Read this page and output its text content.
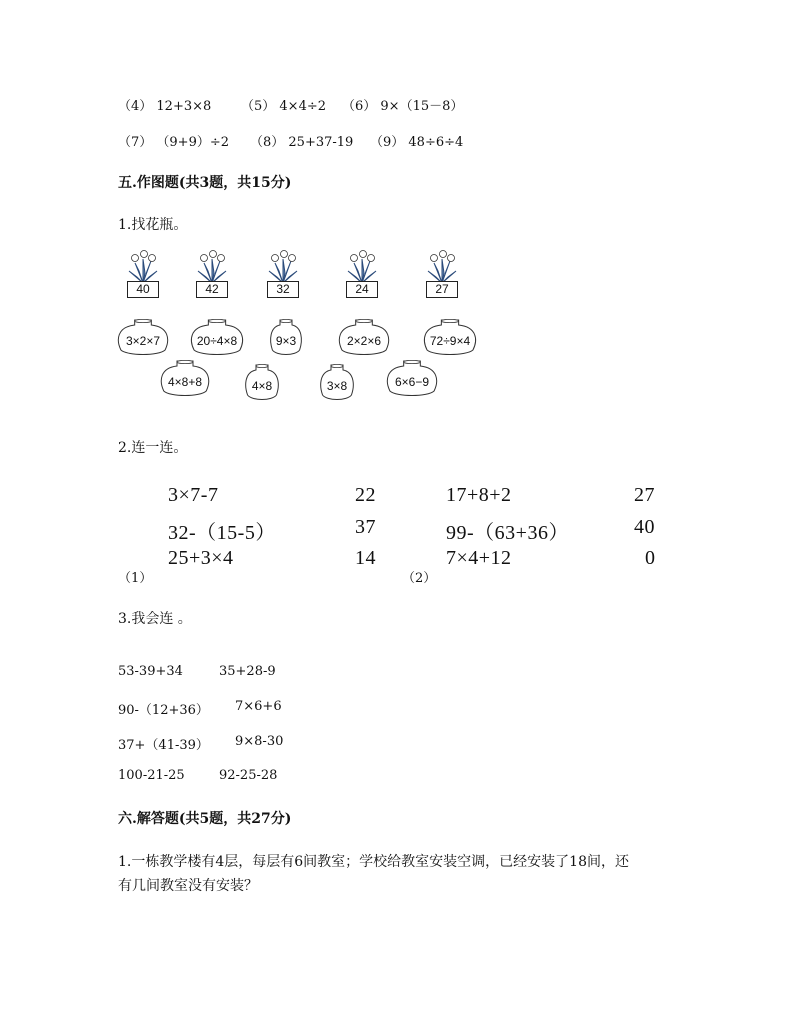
（4） 12+3×8 （5） 4×4÷2 （6） 9×（15－8）
（7） （9+9）÷2 （8） 25+37-19 （9） 48÷6÷4
五.作图题(共3题，共15分)
1.找花瓶。
40	42	32	24	27
3×2×7	20÷4×8	9×3	2×2×6	72÷9×4
4×8+8	4×8	3×8	6×6−9
2.连一连。
3×7-7
32-（15-5）
25+3×4
22
37
14
（1）
17+8+2
99-（63+36）
7×4+12
27
40
0
（2）
3.我会连 。
53-39+34
90-（12+36）
37+（41-39）
100-21-25
35+28-9
7×6+6
9×8-30
92-25-28
六.解答题(共5题，共27分)
1.一栋教学楼有4层，每层有6间教室；学校给教室安装空调，已经安装了18间，还
有几间教室没有安装？
